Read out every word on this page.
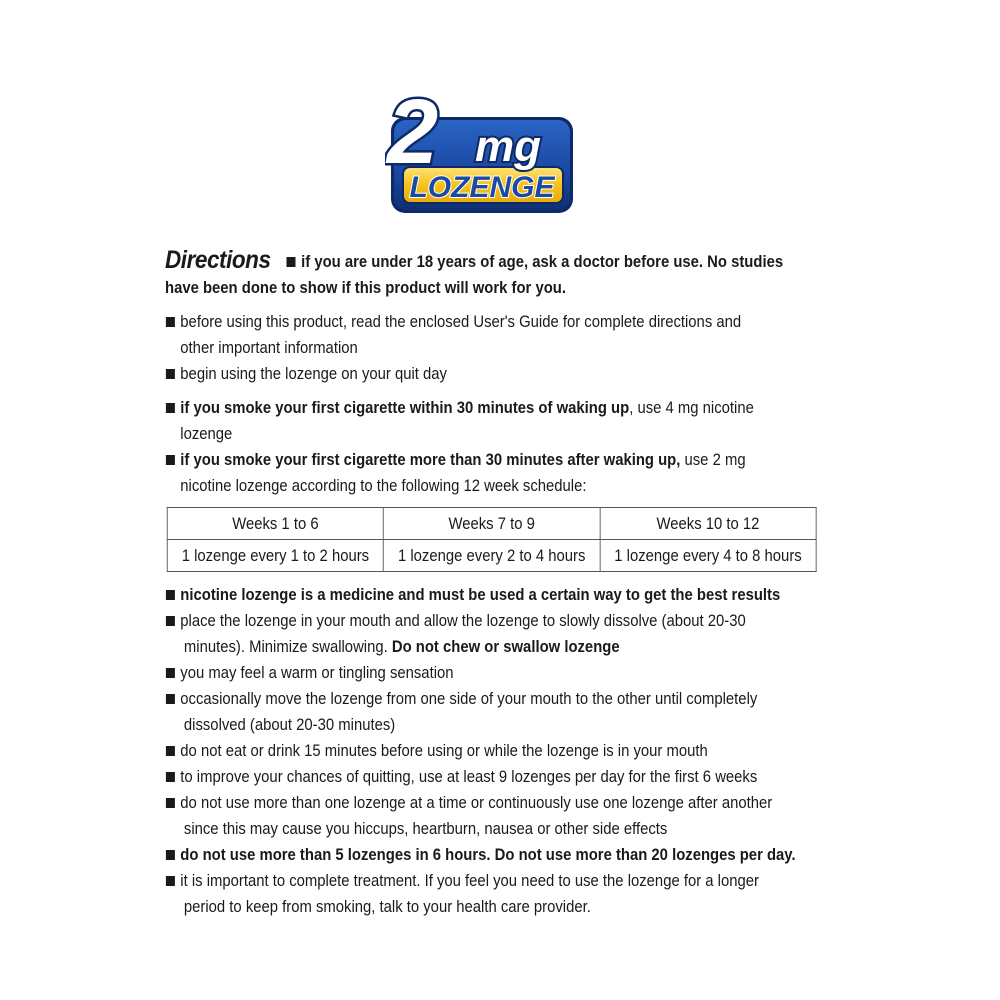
2 mg
LOZENGE
Directions if you are under 18 years of age, ask a doctor before use. No studies have been done to show if this product will work for you.
before using this product, read the enclosed User's Guide for complete directions and
other important information
begin using the lozenge on your quit day
if you smoke your first cigarette within 30 minutes of waking up, use 4 mg nicotine
lozenge
if you smoke your first cigarette more than 30 minutes after waking up, use 2 mg
nicotine lozenge according to the following 12 week schedule:
Weeks 1 to 6	Weeks 7 to 9	Weeks 10 to 12
1 lozenge every 1 to 2 hours	1 lozenge every 2 to 4 hours	1 lozenge every 4 to 8 hours
nicotine lozenge is a medicine and must be used a certain way to get the best results
place the lozenge in your mouth and allow the lozenge to slowly dissolve (about 20-30
minutes). Minimize swallowing. Do not chew or swallow lozenge
you may feel a warm or tingling sensation
occasionally move the lozenge from one side of your mouth to the other until completely
dissolved (about 20-30 minutes)
do not eat or drink 15 minutes before using or while the lozenge is in your mouth
to improve your chances of quitting, use at least 9 lozenges per day for the first 6 weeks
do not use more than one lozenge at a time or continuously use one lozenge after another
since this may cause you hiccups, heartburn, nausea or other side effects
do not use more than 5 lozenges in 6 hours. Do not use more than 20 lozenges per day.
it is important to complete treatment. If you feel you need to use the lozenge for a longer
period to keep from smoking, talk to your health care provider.
